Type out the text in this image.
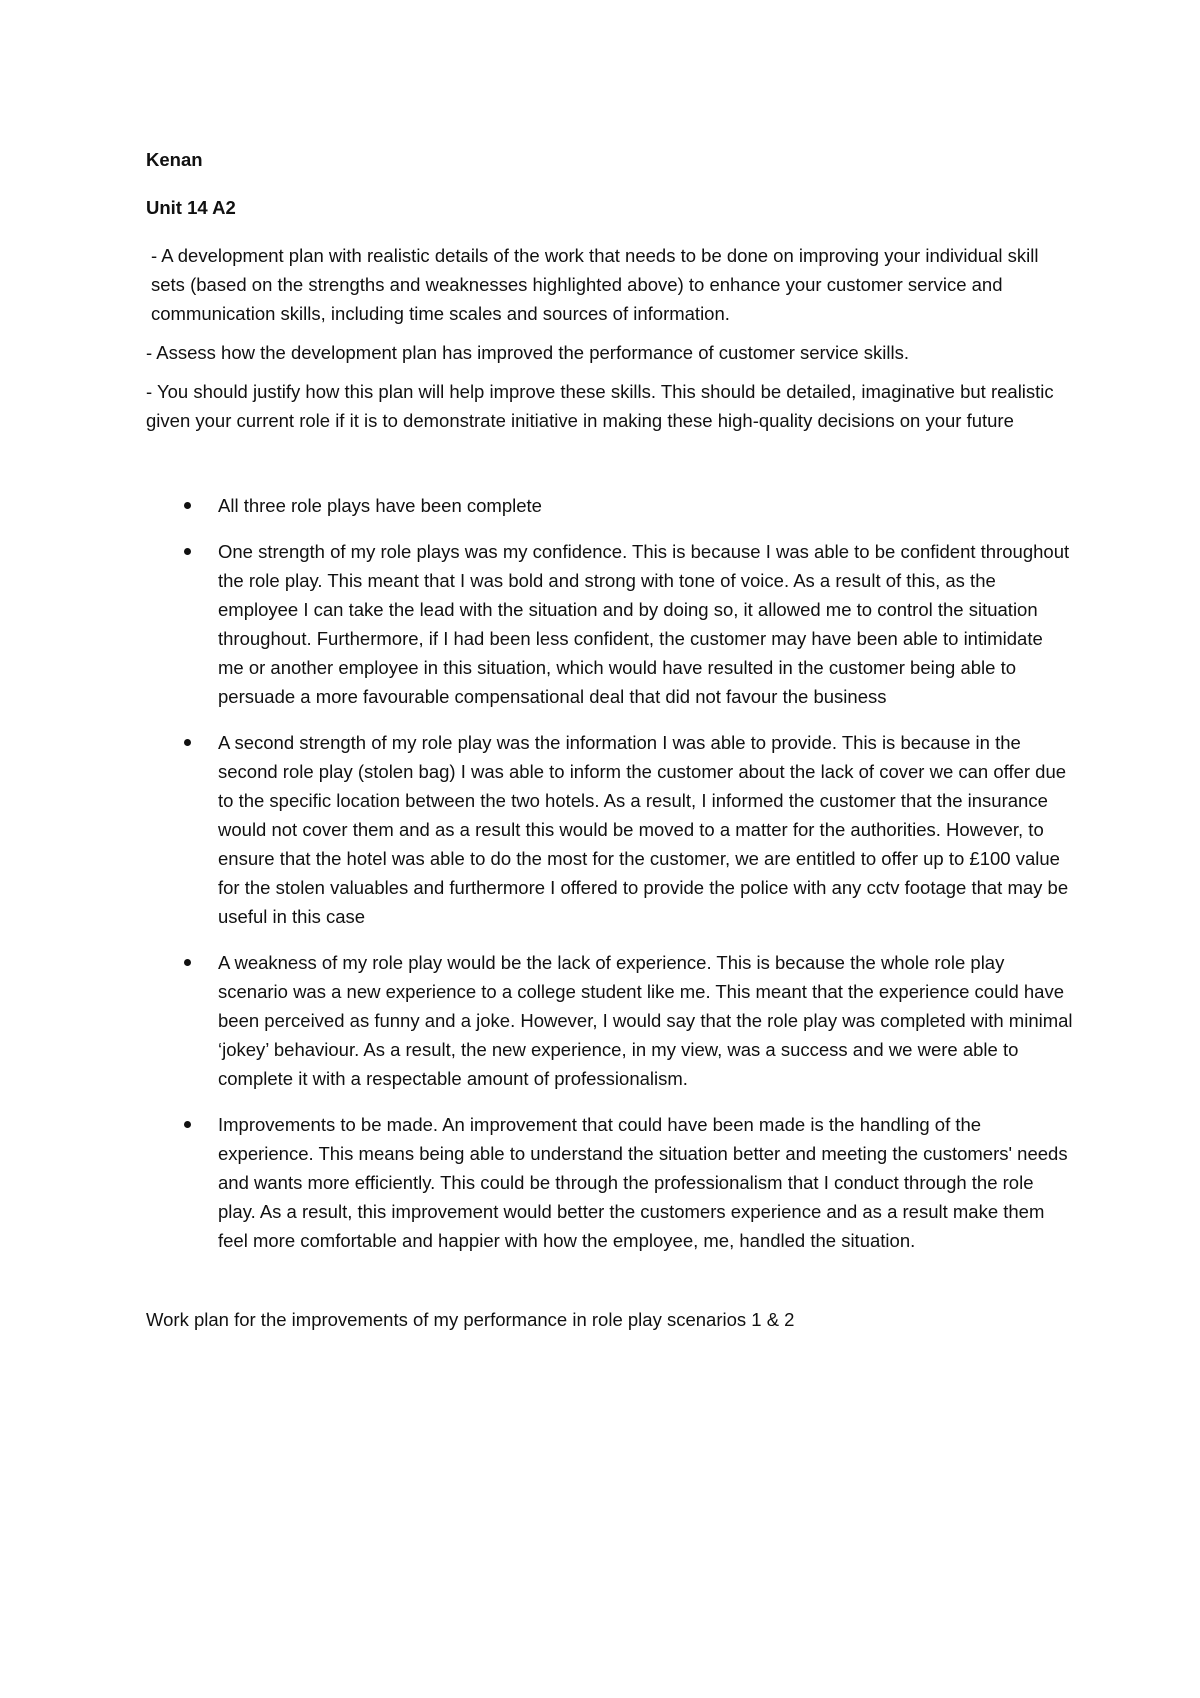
Kenan
Unit 14 A2
- A development plan with realistic details of the work that needs to be done on improving your individual skill sets (based on the strengths and weaknesses highlighted above) to enhance your customer service and communication skills, including time scales and sources of information.
- Assess how the development plan has improved the performance of customer service skills.
- You should justify how this plan will help improve these skills. This should be detailed, imaginative but realistic given your current role if it is to demonstrate initiative in making these high-quality decisions on your future
All three role plays have been complete
One strength of my role plays was my confidence. This is because I was able to be confident throughout the role play. This meant that I was bold and strong with tone of voice. As a result of this, as the employee I can take the lead with the situation and by doing so, it allowed me to control the situation throughout. Furthermore, if I had been less confident, the customer may have been able to intimidate me or another employee in this situation, which would have resulted in the customer being able to persuade a more favourable compensational deal that did not favour the business
A second strength of my role play was the information I was able to provide. This is because in the second role play (stolen bag) I was able to inform the customer about the lack of cover we can offer due to the specific location between the two hotels. As a result, I informed the customer that the insurance would not cover them and as a result this would be moved to a matter for the authorities. However, to ensure that the hotel was able to do the most for the customer, we are entitled to offer up to £100 value for the stolen valuables and furthermore I offered to provide the police with any cctv footage that may be useful in this case
A weakness of my role play would be the lack of experience. This is because the whole role play scenario was a new experience to a college student like me. This meant that the experience could have been perceived as funny and a joke. However, I would say that the role play was completed with minimal ‘jokey’ behaviour. As a result, the new experience, in my view, was a success and we were able to complete it with a respectable amount of professionalism.
Improvements to be made. An improvement that could have been made is the handling of the experience. This means being able to understand the situation better and meeting the customers' needs and wants more efficiently. This could be through the professionalism that I conduct through the role play. As a result, this improvement would better the customers experience and as a result make them feel more comfortable and happier with how the employee, me, handled the situation.
Work plan for the improvements of my performance in role play scenarios 1 & 2
